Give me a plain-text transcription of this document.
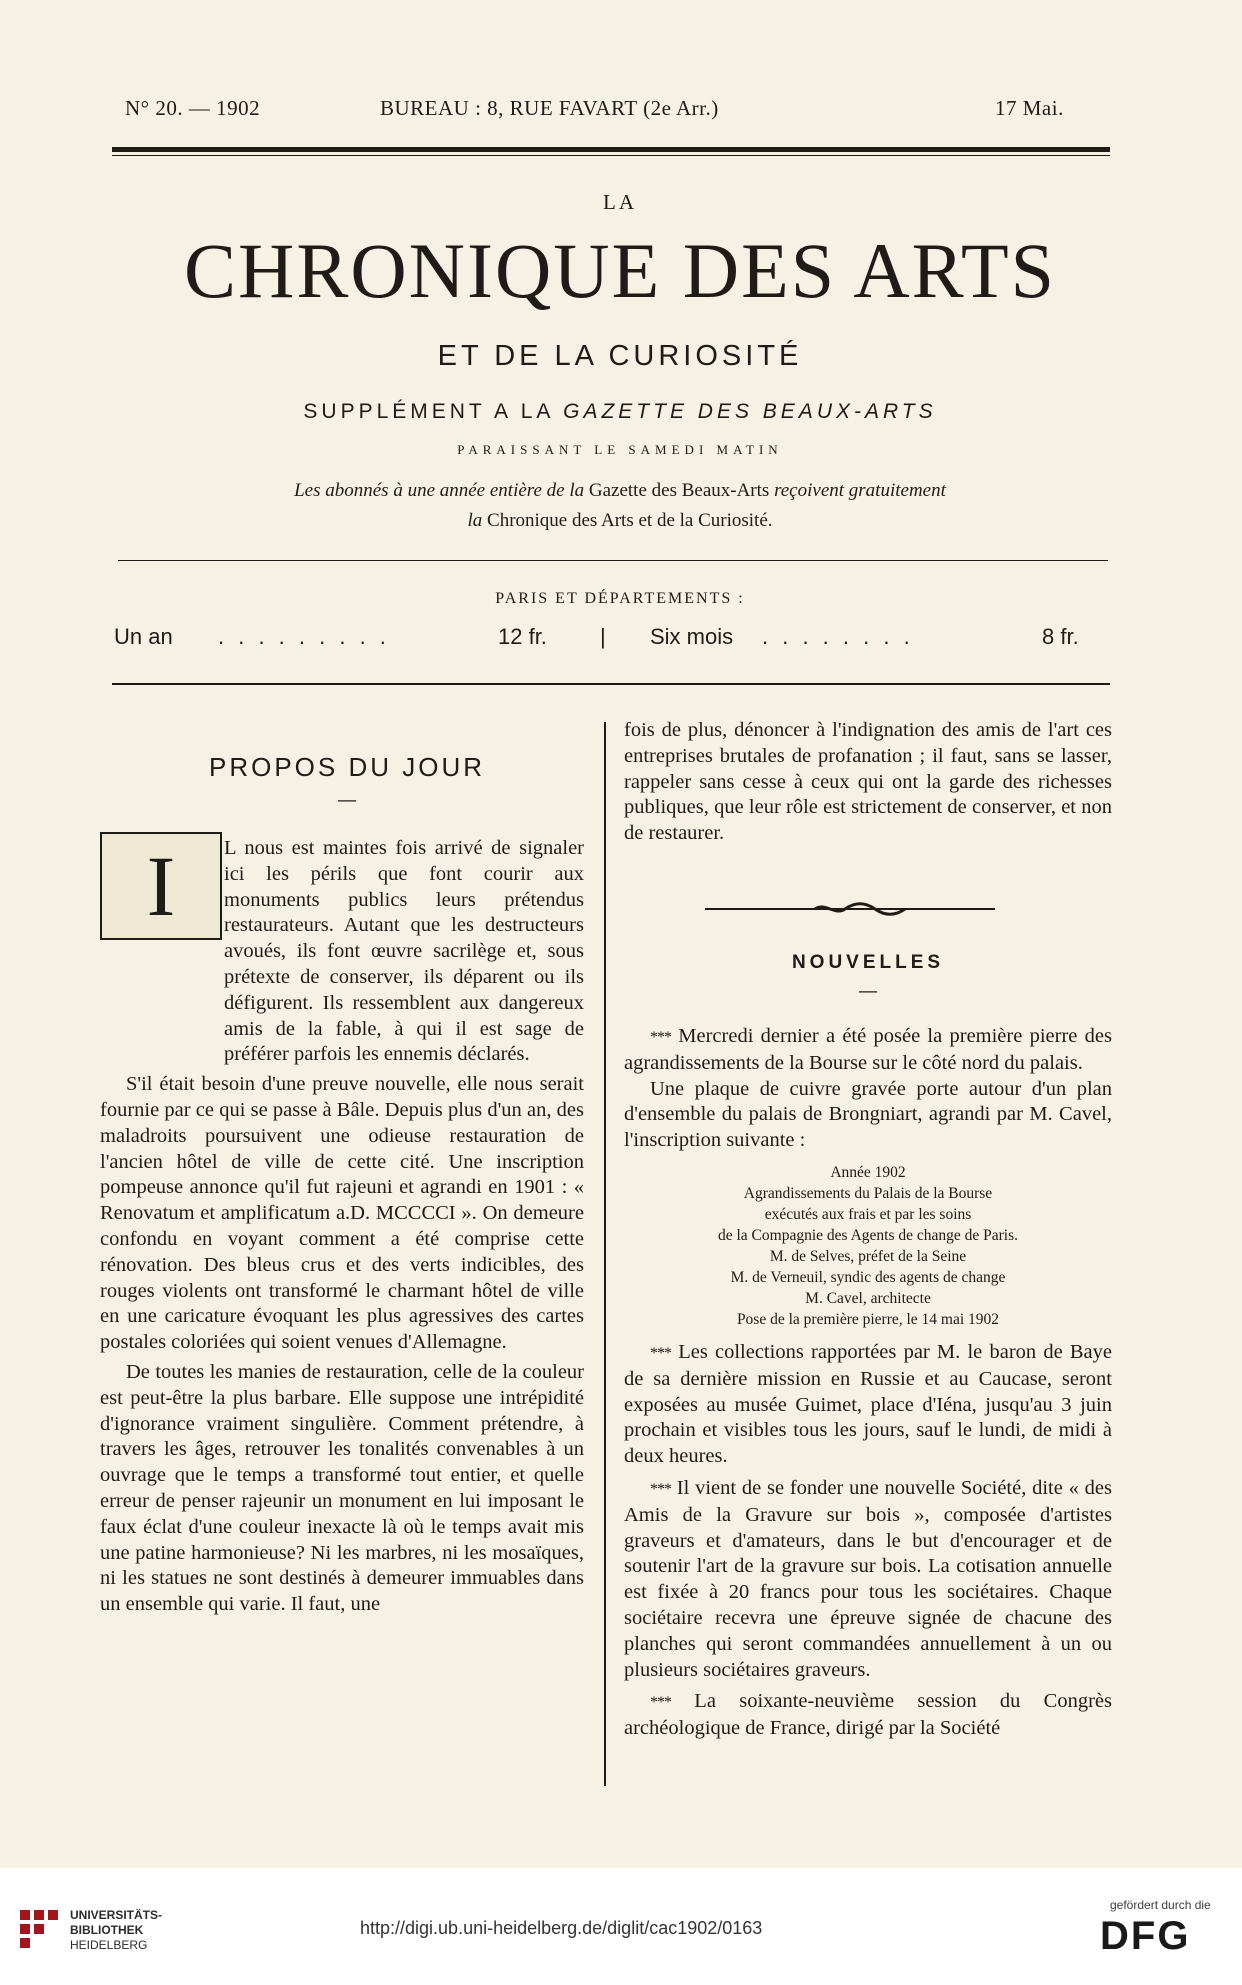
N° 20. — 1902	BUREAU : 8, RUE FAVART (2e Arr.)	17 Mai.
LA
CHRONIQUE DES ARTS
ET DE LA CURIOSITÉ
SUPPLÉMENT A LA GAZETTE DES BEAUX-ARTS
PARAISSANT LE SAMEDI MATIN
Les abonnés à une année entière de la Gazette des Beaux-Arts reçoivent gratuitement
la Chronique des Arts et de la Curiosité.
PARIS ET DÉPARTEMENTS :
Un an . . . . . . . . .	12 fr. | Six mois . . . . . . . .	8 fr.
PROPOS DU JOUR
—
I	L nous est maintes fois arrivé de signaler ici les périls que font courir aux monuments publics leurs prétendus restaurateurs. Autant que les destructeurs avoués, ils font œuvre sacrilège et, sous prétexte de conserver, ils déparent ou ils défigurent. Ils ressemblent aux dangereux amis de la fable, à qui il est sage de préférer parfois les ennemis déclarés.

S'il était besoin d'une preuve nouvelle, elle nous serait fournie par ce qui se passe à Bâle. Depuis plus d'un an, des maladroits poursuivent une odieuse restauration de l'ancien hôtel de ville de cette cité. Une inscription pompeuse annonce qu'il fut rajeuni et agrandi en 1901 : « Renovatum et amplificatum a.D. MCCCCI ». On demeure confondu en voyant comment a été comprise cette rénovation. Des bleus crus et des verts indicibles, des rouges violents ont transformé le charmant hôtel de ville en une caricature évoquant les plus agressives des cartes postales coloriées qui soient venues d'Allemagne.

De toutes les manies de restauration, celle de la couleur est peut-être la plus barbare. Elle suppose une intrépidité d'ignorance vraiment singulière. Comment prétendre, à travers les âges, retrouver les tonalités convenables à un ouvrage que le temps a transformé tout entier, et quelle erreur de penser rajeunir un monument en lui imposant le faux éclat d'une couleur inexacte là où le temps avait mis une patine harmonieuse? Ni les marbres, ni les mosaïques, ni les statues ne sont destinés à demeurer immuables dans un ensemble qui varie. Il faut, une

fois de plus, dénoncer à l'indignation des amis de l'art ces entreprises brutales de profanation ; il faut, sans se lasser, rappeler sans cesse à ceux qui ont la garde des richesses publiques, que leur rôle est strictement de conserver, et non de restaurer.
NOUVELLES
—

*** Mercredi dernier a été posée la première pierre des agrandissements de la Bourse sur le côté nord du palais.

Une plaque de cuivre gravée porte autour d'un plan d'ensemble du palais de Brongniart, agrandi par M. Cavel, l'inscription suivante :

Année 1902
Agrandissements du Palais de la Bourse
exécutés aux frais et par les soins
de la Compagnie des Agents de change de Paris.
M. de Selves, préfet de la Seine
M. de Verneuil, syndic des agents de change
M. Cavel, architecte
Pose de la première pierre, le 14 mai 1902

*** Les collections rapportées par M. le baron de Baye de sa dernière mission en Russie et au Caucase, seront exposées au musée Guimet, place d'Iéna, jusqu'au 3 juin prochain et visibles tous les jours, sauf le lundi, de midi à deux heures.

*** Il vient de se fonder une nouvelle Société, dite « des Amis de la Gravure sur bois », composée d'artistes graveurs et d'amateurs, dans le but d'encourager et de soutenir l'art de la gravure sur bois. La cotisation annuelle est fixée à 20 francs pour tous les sociétaires. Chaque sociétaire recevra une épreuve signée de chacune des planches qui seront commandées annuellement à un ou plusieurs sociétaires graveurs.

*** La soixante-neuvième session du Congrès archéologique de France, dirigé par la Société

UNIVERSITÄTS-
BIBLIOTHEK
HEIDELBERG
http://digi.ub.uni-heidelberg.de/diglit/cac1902/0163
gefördert durch die
DFG
